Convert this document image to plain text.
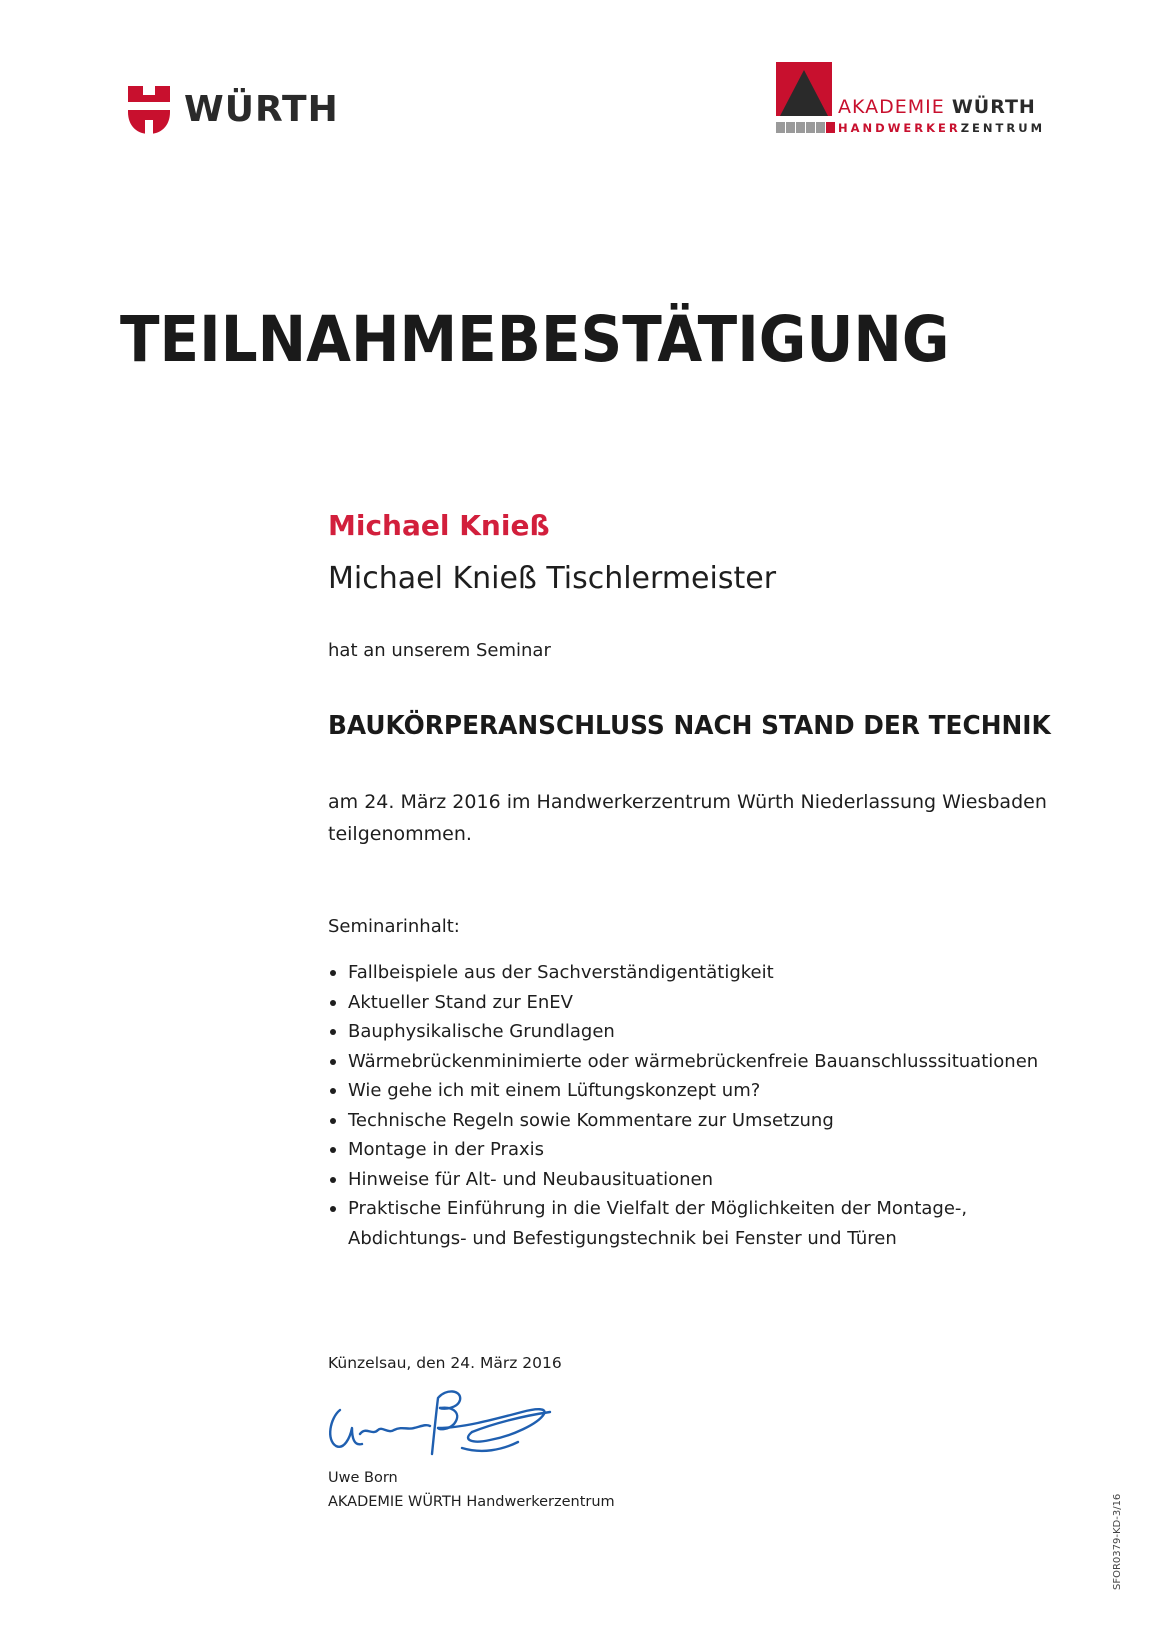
WÜRTH	AKADEMIE WÜRTH
HANDWERKERZENTRUM
TEILNAHMEBESTÄTIGUNG
Michael Knieß
Michael Knieß Tischlermeister
hat an unserem Seminar
BAUKÖRPERANSCHLUSS NACH STAND DER TECHNIK
am 24. März 2016 im Handwerkerzentrum Würth Niederlassung Wiesbaden
teilgenommen.
Seminarinhalt:
Fallbeispiele aus der Sachverständigentätigkeit
Aktueller Stand zur EnEV
Bauphysikalische Grundlagen
Wärmebrückenminimierte oder wärmebrückenfreie Bauanschlusssituationen
Wie gehe ich mit einem Lüftungskonzept um?
Technische Regeln sowie Kommentare zur Umsetzung
Montage in der Praxis
Hinweise für Alt- und Neubausituationen
Praktische Einführung in die Vielfalt der Möglichkeiten der Montage-,
Abdichtungs- und Befestigungstechnik bei Fenster und Türen
Künzelsau, den 24. März 2016
Uwe Born
AKADEMIE WÜRTH Handwerkerzentrum	SFOR0379-KD-3/16
